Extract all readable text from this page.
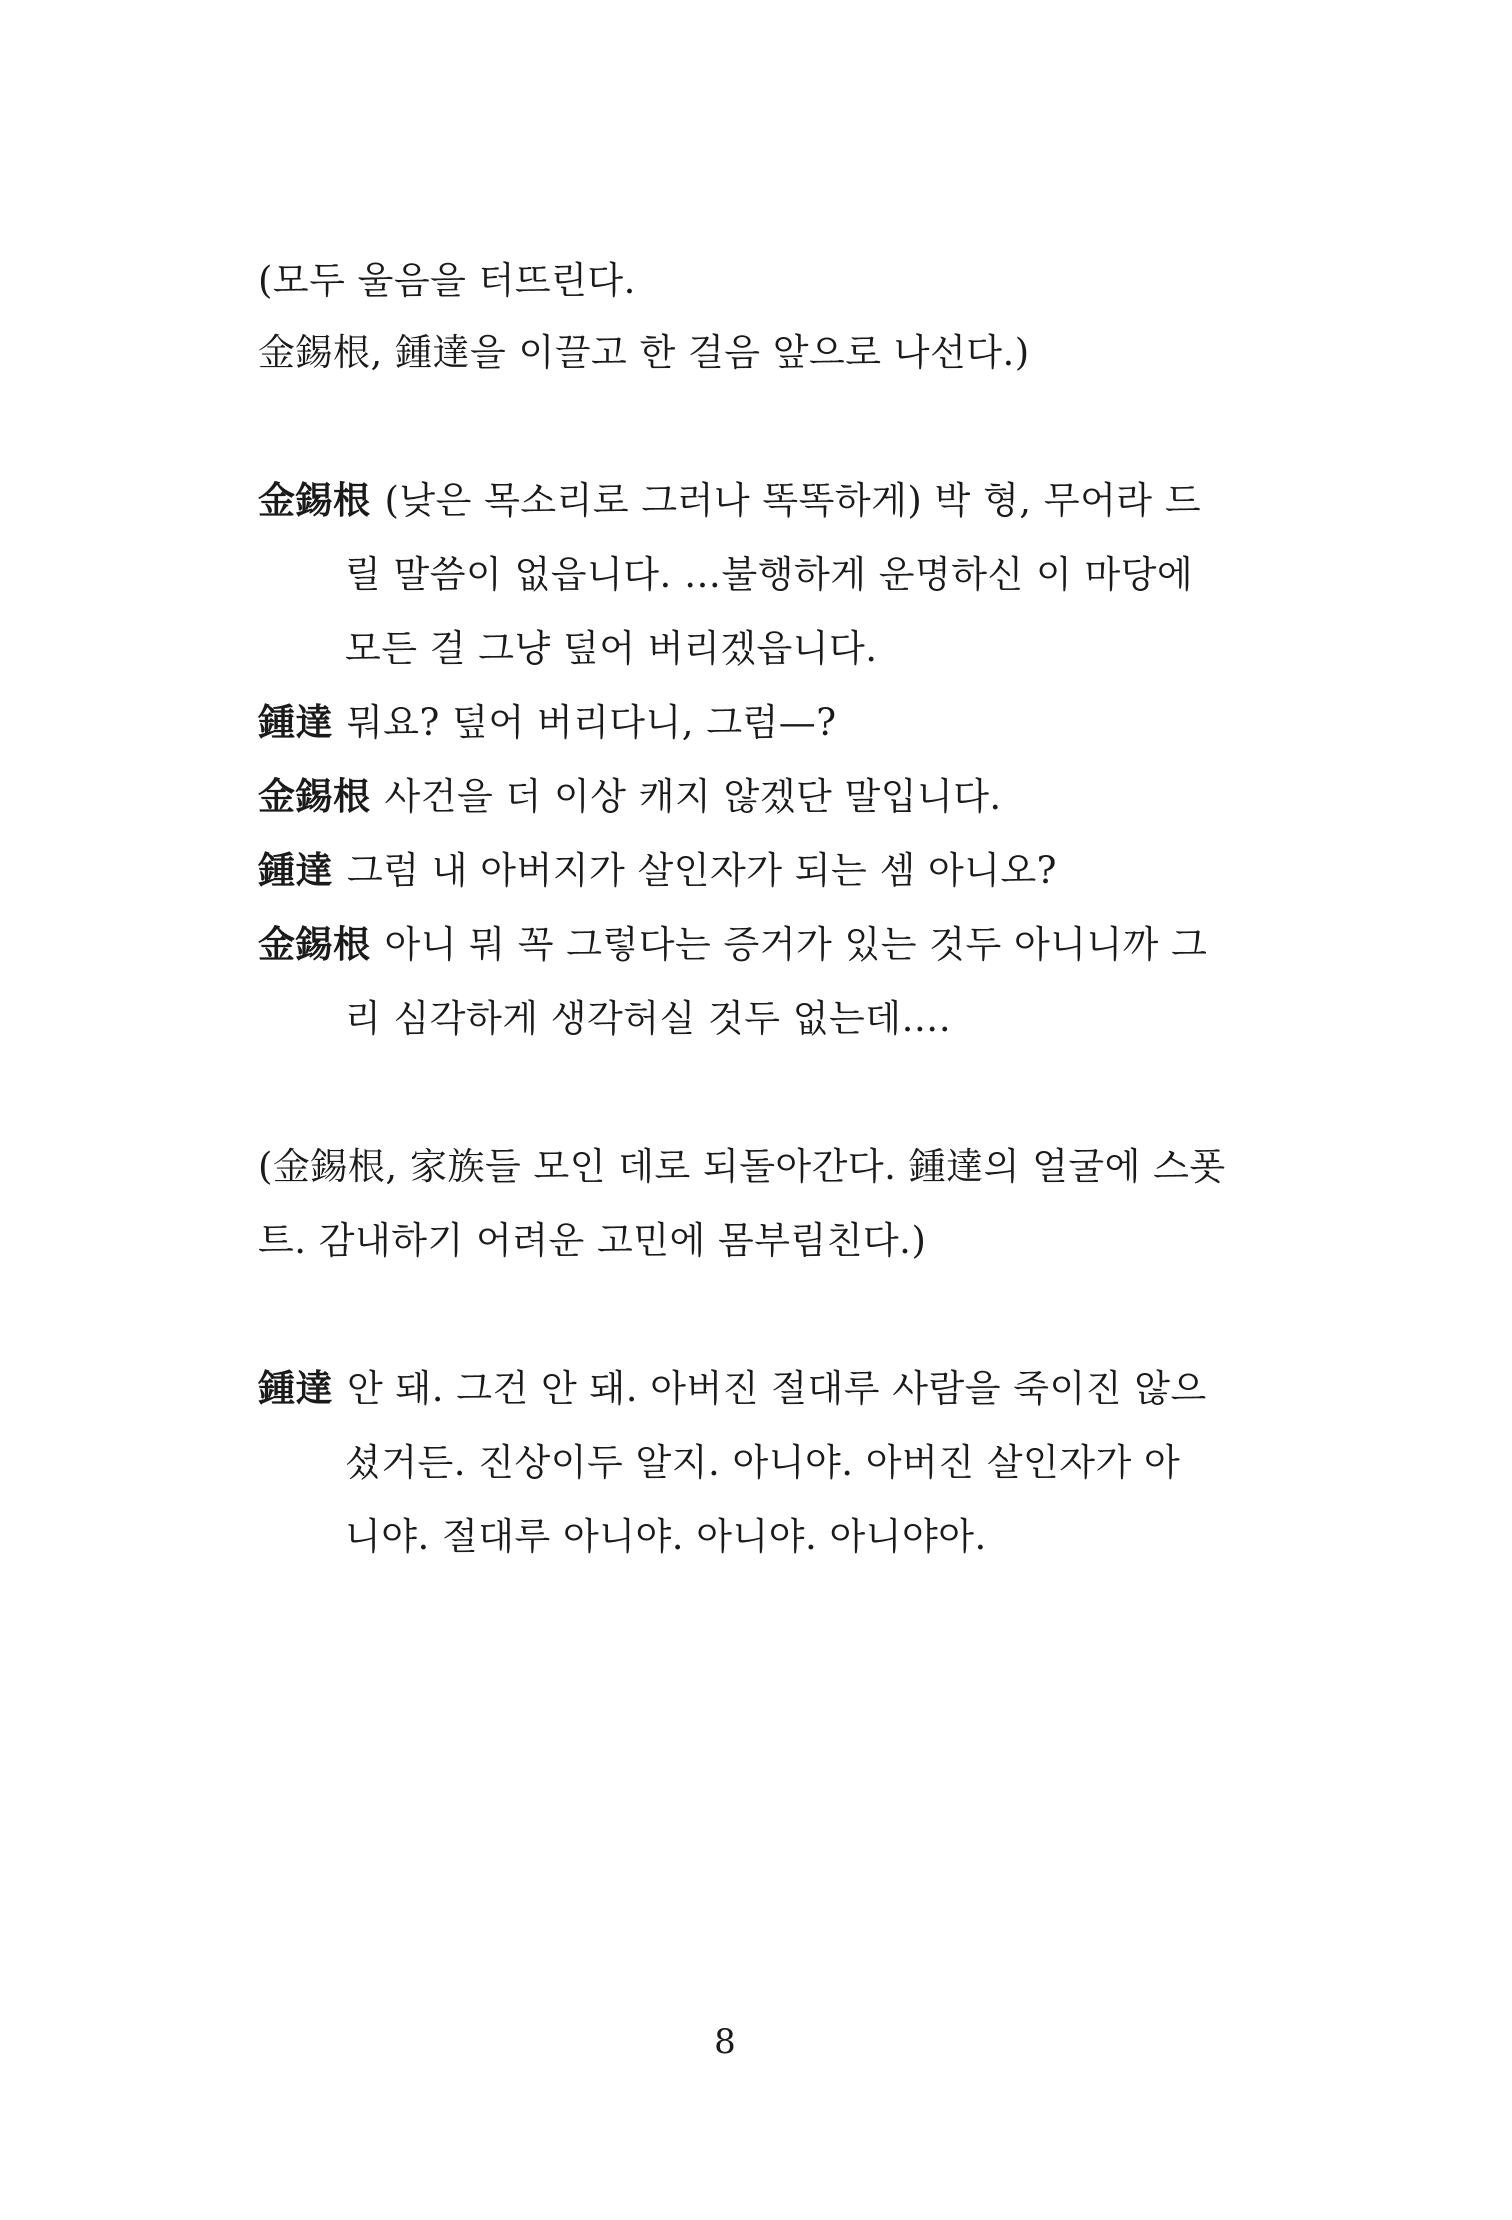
(모두 울음을 터뜨린다.
金錫根, 鍾達을 이끌고 한 걸음 앞으로 나선다.)
金錫根 (낮은 목소리로 그러나 똑똑하게) 박 형, 무어라 드
릴 말씀이 없읍니다. …불행하게 운명하신 이 마당에
모든 걸 그냥 덮어 버리겠읍니다.
鍾達 뭐요? 덮어 버리다니, 그럼—?
金錫根 사건을 더 이상 캐지 않겠단 말입니다.
鍾達 그럼 내 아버지가 살인자가 되는 셈 아니오?
金錫根 아니 뭐 꼭 그렇다는 증거가 있는 것두 아니니까 그
리 심각하게 생각허실 것두 없는데….
(金錫根, 家族들 모인 데로 되돌아간다. 鍾達의 얼굴에 스폿
트. 감내하기 어려운 고민에 몸부림친다.)
鍾達 안 돼. 그건 안 돼. 아버진 절대루 사람을 죽이진 않으
셨거든. 진상이두 알지. 아니야. 아버진 살인자가 아
니야. 절대루 아니야. 아니야. 아니야아.
8
